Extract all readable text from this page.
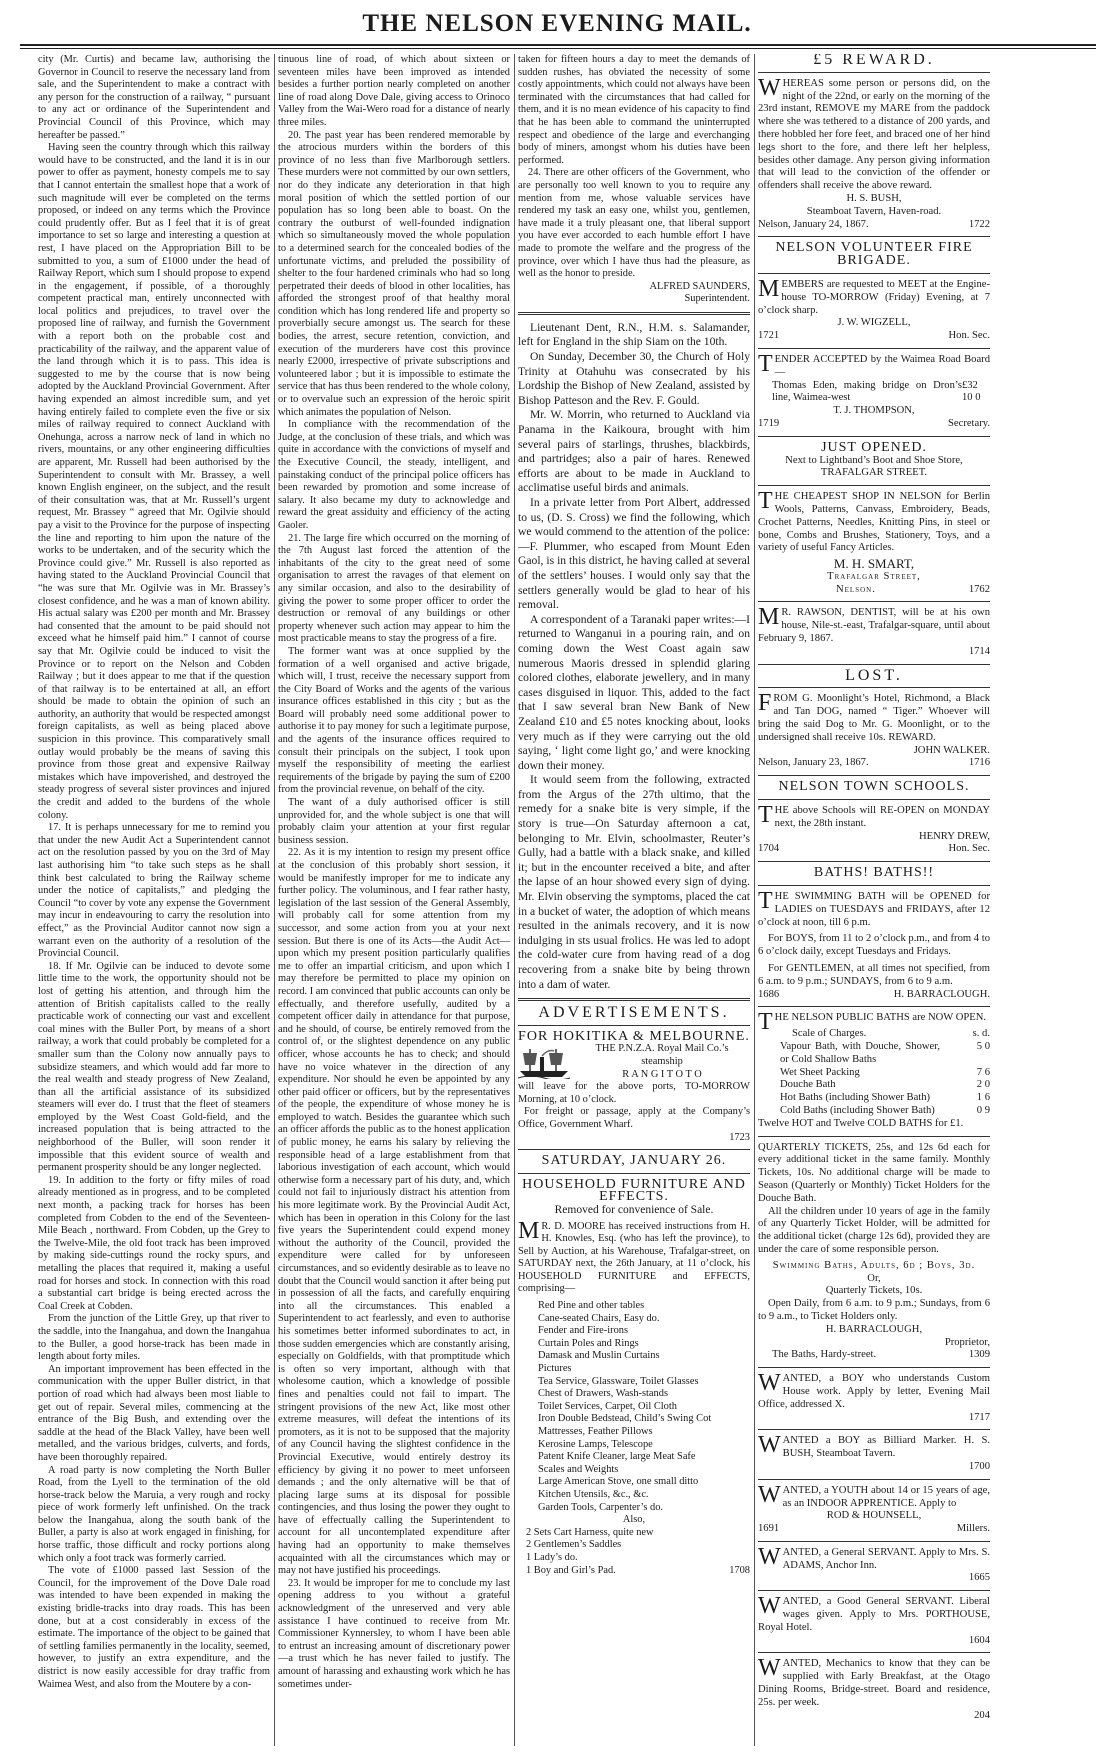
THE NELSON EVENING MAIL.

city (Mr. Curtis) and became law, authorising the Governor in Council to reserve the necessary land from sale, and the Superintendent to make a contract with any person for the construction of a railway, “ pursuant to any act or ordinance of the Superintendent and Provincial Council of this Province, which may hereafter be passed.”

Having seen the country through which this railway would have to be constructed, and the land it is in our power to offer as payment, honesty compels me to say that I cannot entertain the smallest hope that a work of such magnitude will ever be completed on the terms proposed, or indeed on any terms which the Province could prudently offer. But as I feel that it is of great importance to set so large and interesting a question at rest, I have placed on the Appropriation Bill to be submitted to you, a sum of £1000 under the head of Railway Report, which sum I should propose to expend in the engagement, if possible, of a thoroughly competent practical man, entirely unconnected with local politics and prejudices, to travel over the proposed line of railway, and furnish the Government with a report both on the probable cost and practicability of the railway, and the apparent value of the land through which it is to pass. This idea is suggested to me by the course that is now being adopted by the Auckland Provincial Government. After having expended an almost incredible sum, and yet having entirely failed to complete even the five or six miles of railway required to connect Auckland with Onehunga, across a narrow neck of land in which no rivers, mountains, or any other engineering difficulties are apparent, Mr. Russell had been authorised by the Superintendent to consult with Mr. Brassey, a well known English engineer, on the subject, and the result of their consultation was, that at Mr. Russell’s urgent request, Mr. Brassey “ agreed that Mr. Ogilvie should pay a visit to the Province for the purpose of inspecting the line and reporting to him upon the nature of the works to be undertaken, and of the security which the Province could give.” Mr. Russell is also reported as having stated to the Auckland Provincial Council that “he was sure that Mr. Ogilvie was in Mr. Brassey’s closest confidence, and he was a man of known ability. His actual salary was £200 per month and Mr. Brassey had consented that the amount to be paid should not exceed what he himself paid him.” I cannot of course say that Mr. Ogilvie could be induced to visit the Province or to report on the Nelson and Cobden Railway ; but it does appear to me that if the question of that railway is to be entertained at all, an effort should be made to obtain the opinion of such an authority, an authority that would be respected amongst foreign capitalists, as well as being placed above suspicion in this province. This comparatively small outlay would probably be the means of saving this province from those great and expensive Railway mistakes which have impoverished, and destroyed the steady progress of several sister provinces and injured the credit and added to the burdens of the whole colony.

17. It is perhaps unnecessary for me to remind you that under the new Audit Act a Superintendent cannot act on the resolution passed by you on the 3rd of May last authorising him “to take such steps as he shall think best calculated to bring the Railway scheme under the notice of capitalists,” and pledging the Council “to cover by vote any expense the Government may incur in endeavouring to carry the resolution into effect,” as the Provincial Auditor cannot now sign a warrant even on the authority of a resolution of the Provincial Council.

18. If Mr. Ogilvie can be induced to devote some little time to the work, the opportunity should not be lost of getting his attention, and through him the attention of British capitalists called to the really practicable work of connecting our vast and excellent coal mines with the Buller Port, by means of a short railway, a work that could probably be completed for a smaller sum than the Colony now annually pays to subsidize steamers, and which would add far more to the real wealth and steady progress of New Zealand, than all the artificial assistance of its subsidized steamers will ever do. I trust that the fleet of steamers employed by the West Coast Gold-field, and the increased population that is being attracted to the neighborhood of the Buller, will soon render it impossible that this evident source of wealth and permanent prosperity should be any longer neglected.

19. In addition to the forty or fifty miles of road already mentioned as in progress, and to be completed next month, a packing track for horses has been completed from Cobden to the end of the Seventeen-Mile Beach , northward. From Cobden, up the Grey to the Twelve-Mile, the old foot track has been improved by making side-cuttings round the rocky spurs, and metalling the places that required it, making a useful road for horses and stock. In connection with this road a substantial cart bridge is being erected across the Coal Creek at Cobden.

From the junction of the Little Grey, up that river to the saddle, into the Inangahua, and down the Inangahua to the Buller, a good horse-track has been made in length about forty miles.

An important improvement has been effected in the communication with the upper Buller district, in that portion of road which had always been most liable to get out of repair. Several miles, commencing at the entrance of the Big Bush, and extending over the saddle at the head of the Black Valley, have been well metalled, and the various bridges, culverts, and fords, have been thoroughly repaired.

A road party is now completing the North Buller Road, from the Lyell to the termination of the old horse-track below the Maruia, a very rough and rocky piece of work formerly left unfinished. On the track below the Inangahua, along the south bank of the Buller, a party is also at work engaged in finishing, for horse traffic, those difficult and rocky portions along which only a foot track was formerly carried.

The vote of £1000 passed last Session of the Council, for the improvement of the Dove Dale road was intended to have been expended in making the existing bridle-tracks into dray roads. This has been done, but at a cost considerably in excess of the estimate. The importance of the object to be gained that of settling families permanently in the locality, seemed, however, to justify an extra expenditure, and the district is now easily accessible for dray traffic from Waimea West, and also from the Moutere by a con-

tinuous line of road, of which about sixteen or seventeen miles have been improved as intended besides a further portion nearly completed on another line of road along Dove Dale, giving access to Orinoco Valley from the Wai-Wero road for a distance of nearly three miles.

20. The past year has been rendered memorable by the atrocious murders within the borders of this province of no less than five Marlborough settlers. These murders were not committed by our own settlers, nor do they indicate any deterioration in that high moral position of which the settled portion of our population has so long been able to boast. On the contrary the outburst of well-founded indignation which so simultaneously moved the whole population to a determined search for the concealed bodies of the unfortunate victims, and preluded the possibility of shelter to the four hardened criminals who had so long perpetrated their deeds of blood in other localities, has afforded the strongest proof of that healthy moral condition which has long rendered life and property so proverbially secure amongst us. The search for these bodies, the arrest, secure retention, conviction, and execution of the murderers have cost this province nearly £2000, irrespective of private subscriptions and volunteered labor ; but it is impossible to estimate the service that has thus been rendered to the whole colony, or to overvalue such an expression of the heroic spirit which animates the population of Nelson.

In compliance with the recommendation of the Judge, at the conclusion of these trials, and which was quite in accordance with the convictions of myself and the Executive Council, the steady, intelligent, and painstaking conduct of the principal police officers has been rewarded by promotion and some increase of salary. It also became my duty to acknowledge and reward the great assiduity and efficiency of the acting Gaoler.

21. The large fire which occurred on the morning of the 7th August last forced the attention of the inhabitants of the city to the great need of some organisation to arrest the ravages of that element on any similar occasion, and also to the desirability of giving the power to some proper officer to order the destruction or removal of any buildings or other property whenever such action may appear to him the most practicable means to stay the progress of a fire.

The former want was at once supplied by the formation of a well organised and active brigade, which will, I trust, receive the necessary support from the City Board of Works and the agents of the various insurance offices established in this city ; but as the Board will probably need some additional power to authorise it to pay money for such a legitimate purpose, and the agents of the insurance offices required to consult their principals on the subject, I took upon myself the responsibility of meeting the earliest requirements of the brigade by paying the sum of £200 from the provincial revenue, on behalf of the city.

The want of a duly authorised officer is still unprovided for, and the whole subject is one that will probably claim your attention at your first regular business session.

22. As it is my intention to resign my present office at the conclusion of this probably short session, it would be manifestly improper for me to indicate any further policy. The voluminous, and I fear rather hasty, legislation of the last session of the General Assembly, will probably call for some attention from my successor, and some action from you at your next session. But there is one of its Acts—the Audit Act—upon which my present position particularly qualifies me to offer an impartial criticism, and upon which I may therefore be permitted to place my opinion on record. I am convinced that public accounts can only be effectually, and therefore usefully, audited by a competent officer daily in attendance for that purpose, and he should, of course, be entirely removed from the control of, or the slightest dependence on any public officer, whose accounts he has to check; and should have no voice whatever in the direction of any expenditure. Nor should he even be appointed by any other paid officer or officers, but by the representatives of the people, the expenditure of whose money he is employed to watch. Besides the guarantee which such an officer affords the public as to the honest application of public money, he earns his salary by relieving the responsible head of a large establishment from that laborious investigation of each account, which would otherwise form a necessary part of his duty, and, which could not fail to injuriously distract his attention from his more legitimate work. By the Provincial Audit Act, which has been in operation in this Colony for the last five years the Superintendent could expend money without the authority of the Council, provided the expenditure were called for by unforeseen circumstances, and so evidently desirable as to leave no doubt that the Council would sanction it after being put in possession of all the facts, and carefully enquiring into all the circumstances. This enabled a Superintendent to act fearlessly, and even to authorise his sometimes better informed subordinates to act, in those sudden emergencies which are constantly arising, especially on Goldfields, with that promptitude which is often so very important, although with that wholesome caution, which a knowledge of possible fines and penalties could not fail to impart. The stringent provisions of the new Act, like most other extreme measures, will defeat the intentions of its promoters, as it is not to be supposed that the majority of any Council having the slightest confidence in the Provincial Executive, would entirely destroy its efficiency by giving it no power to meet unforseen demands ; and the only alternative will be that of placing large sums at its disposal for possible contingencies, and thus losing the power they ought to have of effectually calling the Superintendent to account for all uncontemplated expenditure after having had an opportunity to make themselves acquainted with all the circumstances which may or may not have justified his proceedings.

23. It would be improper for me to conclude my last opening address to you without a grateful acknowledgment of the unreserved and very able assistance I have continued to receive from Mr. Commissioner Kynnersley, to whom I have been able to entrust an increasing amount of discretionary power—a trust which he has never failed to justify. The amount of harassing and exhausting work which he has sometimes under-

taken for fifteen hours a day to meet the demands of sudden rushes, has obviated the necessity of some costly appointments, which could not always have been terminated with the circumstances that had called for them, and it is no mean evidence of his capacity to find that he has been able to command the uninterrupted respect and obedience of the large and everchanging body of miners, amongst whom his duties have been performed.

24. There are other officers of the Government, who are personally too well known to you to require any mention from me, whose valuable services have rendered my task an easy one, whilst you, gentlemen, have made it a truly pleasant one, that liberal support you have ever accorded to each humble effort I have made to promote the welfare and the progress of the province, over which I have thus had the pleasure, as well as the honor to preside.

ALFRED SAUNDERS,

Superintendent.

Lieutenant Dent, R.N., H.M. s. Salamander, left for England in the ship Siam on the 10th.

On Sunday, December 30, the Church of Holy Trinity at Otahuhu was consecrated by his Lordship the Bishop of New Zealand, assisted by Bishop Patteson and the Rev. F. Gould.

Mr. W. Morrin, who returned to Auckland via Panama in the Kaikoura, brought with him several pairs of starlings, thrushes, blackbirds, and partridges; also a pair of hares. Renewed efforts are about to be made in Auckland to acclimatise useful birds and animals.

In a private letter from Port Albert, addressed to us, (D. S. Cross) we find the following, which we would commend to the attention of the police:—F. Plummer, who escaped from Mount Eden Gaol, is in this district, he having called at several of the settlers’ houses. I would only say that the settlers generally would be glad to hear of his removal.

A correspondent of a Taranaki paper writes:—I returned to Wanganui in a pouring rain, and on coming down the West Coast again saw numerous Maoris dressed in splendid glaring colored clothes, elaborate jewellery, and in many cases disguised in liquor. This, added to the fact that I saw several bran New Bank of New Zealand £10 and £5 notes knocking about, looks very much as if they were carrying out the old saying, ‘ light come light go,’ and were knocking down their money.

It would seem from the following, extracted from the Argus of the 27th ultimo, that the remedy for a snake bite is very simple, if the story is true—On Saturday afternoon a cat, belonging to Mr. Elvin, schoolmaster, Reuter’s Gully, had a battle with a black snake, and killed it; but in the encounter received a bite, and after the lapse of an hour showed every sign of dying. Mr. Elvin observing the symptoms, placed the cat in a bucket of water, the adoption of which means resulted in the animals recovery, and it is now indulging in sts usual frolics. He was led to adopt the cold-water cure from having read of a dog recovering from a snake bite by being thrown into a dam of water.

ADVERTISEMENTS.

FOR HOKITIKA & MELBOURNE.

THE P.N.Z.A. Royal Mail Co.’s

steamship

R A N G I T O T O

will leave for the above ports, TO-MORROW Morning, at 10 o’clock.

For freight or passage, apply at the Company’s Office, Government Wharf.

1723

SATURDAY, JANUARY 26.

HOUSEHOLD FURNITURE AND EFFECTS.

Removed for convenience of Sale.

MR. D. MOORE has received instructions from H. H. Knowles, Esq. (who has left the province), to Sell by Auction, at his Warehouse, Trafalgar-street, on SATURDAY next, the 26th January, at 11 o’clock, his HOUSEHOLD FURNITURE and EFFECTS, comprising—

Red Pine and other tables
Cane-seated Chairs, Easy do.
Fender and Fire-irons
Curtain Poles and Rings
Damask and Muslin Curtains
Pictures
Tea Service, Glassware, Toilet Glasses
Chest of Drawers, Wash-stands
Toilet Services, Carpet, Oil Cloth
Iron Double Bedstead, Child’s Swing Cot
Mattresses, Feather Pillows
Kerosine Lamps, Telescope
Patent Knife Cleaner, large Meat Safe
Scales and Weights
Large American Stove, one small ditto
Kitchen Utensils, &c., &c.
Garden Tools, Carpenter’s do.

Also,

2 Sets Cart Harness, quite new
2 Gentlemen’s Saddles
1 Lady’s do.
1 Boy and Girl’s Pad.	1708

£5 REWARD.

WHEREAS some person or persons did, on the night of the 22nd, or early on the morning of the 23rd instant, REMOVE my MARE from the paddock where she was tethered to a distance of 200 yards, and there hobbled her fore feet, and braced one of her hind legs short to the fore, and there left her helpless, besides other damage. Any person giving information that will lead to the conviction of the offender or offenders shall receive the above reward.

H. S. BUSH,

Steamboat Tavern, Haven-road.

Nelson, January 24, 1867.	1722

NELSON VOLUNTEER FIRE BRIGADE.

MEMBERS are requested to MEET at the Engine-house TO-MORROW (Friday) Evening, at 7 o’clock sharp.

J. W. WIGZELL,

1721	Hon. Sec.

TENDER ACCEPTED by the Waimea Road Board—

Thomas Eden, making bridge on Dron’s line, Waimea-west
£32 10 0

T. J. THOMPSON,

1719	Secretary.

JUST OPENED.

Next to Lightband’s Boot and Shoe Store, TRAFALGAR STREET.

THE CHEAPEST SHOP IN NELSON for Berlin Wools, Patterns, Canvass, Embroidery, Beads, Crochet Patterns, Needles, Knitting Pins, in steel or bone, Combs and Brushes, Stationery, Toys, and a variety of useful Fancy Articles.

M. H. SMART,

Trafalgar Street,

Nelson.	1762

MR. RAWSON, DENTIST, will be at his own house, Nile-st.-east, Trafalgar-square, until about February 9, 1867.

1714

LOST.

FROM G. Moonlight’s Hotel, Richmond, a Black and Tan DOG, named “ Tiger.” Whoever will bring the said Dog to Mr. G. Moonlight, or to the undersigned shall receive 10s. REWARD.

JOHN WALKER.

Nelson, January 23, 1867.	1716

NELSON TOWN SCHOOLS.

THE above Schools will RE-OPEN on MONDAY next, the 28th instant.

HENRY DREW,

1704	Hon. Sec.

BATHS! BATHS!!

THE SWIMMING BATH will be OPENED for LADIES on TUESDAYS and FRIDAYS, after 12 o’clock at noon, till 6 p.m.

For BOYS, from 11 to 2 o’clock p.m., and from 4 to 6 o’clock daily, except Tuesdays and Fridays.

For GENTLEMEN, at all times not specified, from 6 a.m. to 9 p.m.; SUNDAYS, from 6 to 9 a.m.

1686	H. BARRACLOUGH.

THE NELSON PUBLIC BATHS are NOW OPEN.

Scale of Charges.	s. d.
Vapour Bath, with Douche, Shower, or Cold Shallow Baths
5 0
Wet Sheet Packing	7 6
Douche Bath	2 0
Hot Baths (including Shower Bath)	1 6
Cold Baths (including Shower Bath)	0 9

Twelve HOT and Twelve COLD BATHS for £1.

QUARTERLY TICKETS, 25s, and 12s 6d each for every additional ticket in the same family. Monthly Tickets, 10s. No additional charge will be made to Season (Quarterly or Monthly) Ticket Holders for the Douche Bath.

All the children under 10 years of age in the family of any Quarterly Ticket Holder, will be admitted for the additional ticket (charge 12s 6d), provided they are under the care of some responsible person.

Swimming Baths, Adults, 6d ; Boys, 3d.

Or,

Quarterly Tickets, 10s.

Open Daily, from 6 a.m. to 9 p.m.; Sundays, from 6 to 9 a.m., to Ticket Holders only.

H. BARRACLOUGH,

Proprietor,

The Baths, Hardy-street.	1309

WANTED, a BOY who understands Custom House work. Apply by letter, Evening Mail Office, addressed X.

1717

WANTED a BOY as Billiard Marker. H. S. BUSH, Steamboat Tavern.

1700

WANTED, a YOUTH about 14 or 15 years of age, as an INDOOR APPRENTICE. Apply to

ROD & HOUNSELL,

1691	Millers.

WANTED, a General SERVANT. Apply to Mrs. S. ADAMS, Anchor Inn.

1665

WANTED, a Good General SERVANT. Liberal wages given. Apply to Mrs. PORTHOUSE, Royal Hotel.

1604

WANTED, Mechanics to know that they can be supplied with Early Breakfast, at the Otago Dining Rooms, Bridge-street. Board and residence, 25s. per week.

204
